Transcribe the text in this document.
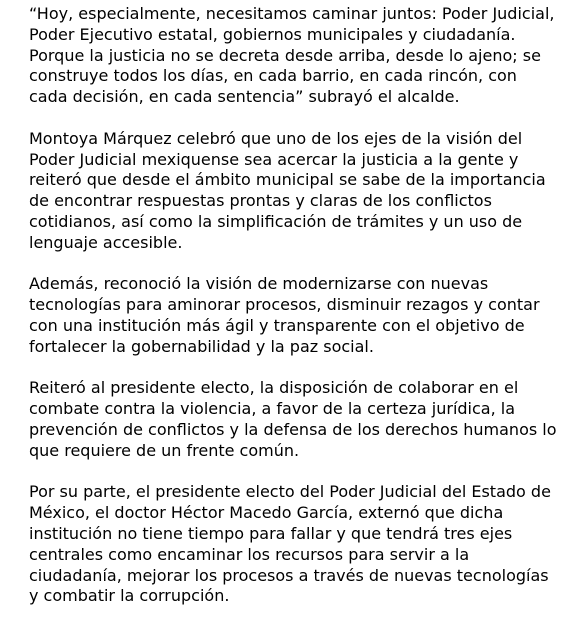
“Hoy, especialmente, necesitamos caminar juntos: Poder Judicial, Poder Ejecutivo estatal, gobiernos municipales y ciudadanía. Porque la justicia no se decreta desde arriba, desde lo ajeno; se construye todos los días, en cada barrio, en cada rincón, con cada decisión, en cada sentencia” subrayó el alcalde.

Montoya Márquez celebró que uno de los ejes de la visión del Poder Judicial mexiquense sea acercar la justicia a la gente y reiteró que desde el ámbito municipal se sabe de la importancia de encontrar respuestas prontas y claras de los conflictos cotidianos, así como la simplificación de trámites y un uso de lenguaje accesible.

Además, reconoció la visión de modernizarse con nuevas tecnologías para aminorar procesos, disminuir rezagos y contar con una institución más ágil y transparente con el objetivo de fortalecer la gobernabilidad y la paz social.

Reiteró al presidente electo, la disposición de colaborar en el combate contra la violencia, a favor de la certeza jurídica, la prevención de conflictos y la defensa de los derechos humanos lo que requiere de un frente común.

Por su parte, el presidente electo del Poder Judicial del Estado de México, el doctor Héctor Macedo García, externó que dicha institución no tiene tiempo para fallar y que tendrá tres ejes centrales como encaminar los recursos para servir a la ciudadanía, mejorar los procesos a través de nuevas tecnologías y combatir la corrupción.
